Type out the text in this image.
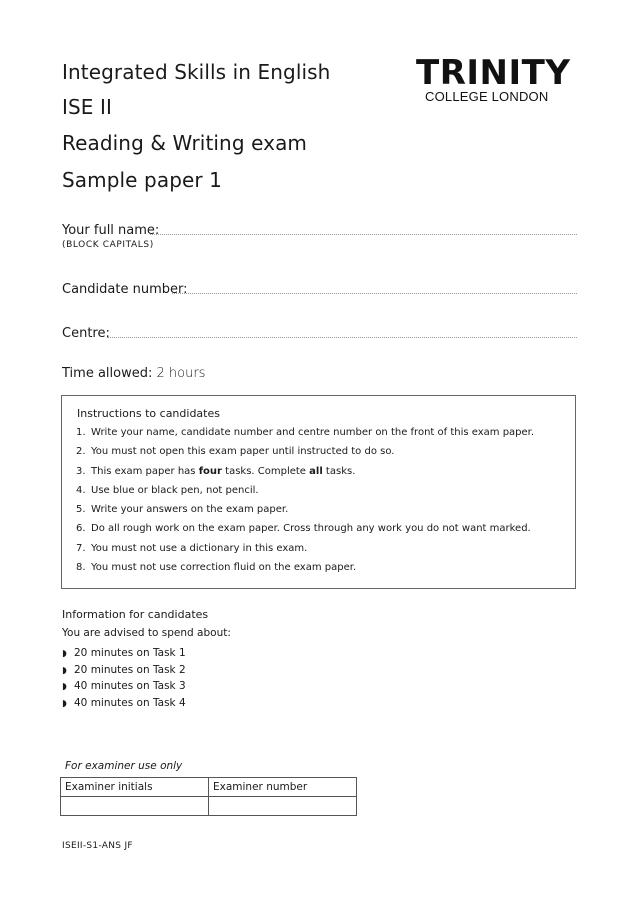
Integrated Skills in English
ISE II
Reading & Writing exam
Sample paper 1
TRINITY
COLLEGE LONDON
Your full name:
(BLOCK CAPITALS)
Candidate number:
Centre:
Time allowed: 2 hours
Instructions to candidates
1. Write your name, candidate number and centre number on the front of this exam paper.
2. You must not open this exam paper until instructed to do so.
3. This exam paper has four tasks. Complete all tasks.
4. Use blue or black pen, not pencil.
5. Write your answers on the exam paper.
6. Do all rough work on the exam paper. Cross through any work you do not want marked.
7. You must not use a dictionary in this exam.
8. You must not use correction fluid on the exam paper.
Information for candidates
You are advised to spend about:
◗ 20 minutes on Task 1
◗ 20 minutes on Task 2
◗ 40 minutes on Task 3
◗ 40 minutes on Task 4
For examiner use only
Examiner initials	Examiner number

ISEII-S1-ANS JF
